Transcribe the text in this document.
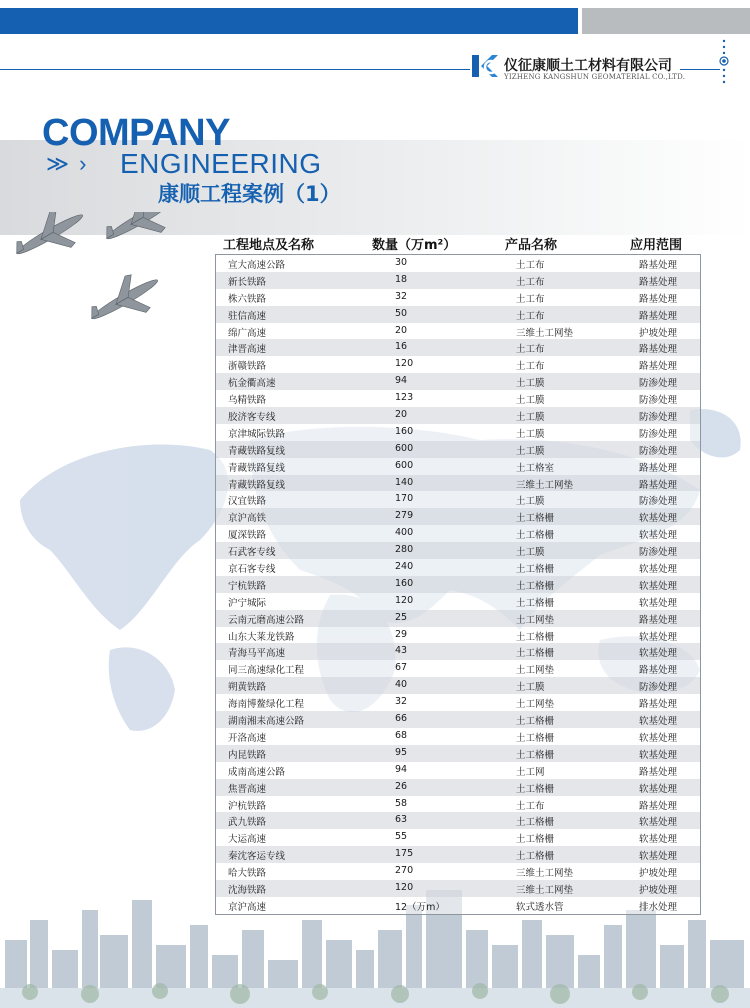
仪征康顺土工材料有限公司
YIZHENG KANGSHUN GEOMATERIAL CO.,LTD.
COMPANY
≫ › ENGINEERING
康顺工程案例（1）
工程地点及名称	数量（万m²）	产品名称	应用范围
宣大高速公路	30	土工布	路基处理
新长铁路	18	土工布	路基处理
株六铁路	32	土工布	路基处理
驻信高速	50	土工布	路基处理
绵广高速	20	三维土工网垫	护坡处理
津晋高速	16	土工布	路基处理
浙赣铁路	120	土工布	路基处理
杭金衢高速	94	土工膜	防渗处理
乌精铁路	123	土工膜	防渗处理
胶济客专线	20	土工膜	防渗处理
京津城际铁路	160	土工膜	防渗处理
青藏铁路复线	600	土工膜	防渗处理
青藏铁路复线	600	土工格室	路基处理
青藏铁路复线	140	三维土工网垫	路基处理
汉宜铁路	170	土工膜	防渗处理
京沪高铁	279	土工格栅	软基处理
厦深铁路	400	土工格栅	软基处理
石武客专线	280	土工膜	防渗处理
京石客专线	240	土工格栅	软基处理
宁杭铁路	160	土工格栅	软基处理
沪宁城际	120	土工格栅	软基处理
云南元磨高速公路	25	土工网垫	路基处理
山东大莱龙铁路	29	土工格栅	软基处理
青海马平高速	43	土工格栅	软基处理
同三高速绿化工程	67	土工网垫	路基处理
朔黄铁路	40	土工膜	防渗处理
海南博鳌绿化工程	32	土工网垫	路基处理
湖南湘耒高速公路	66	土工格栅	软基处理
开洛高速	68	土工格栅	软基处理
内昆铁路	95	土工格栅	软基处理
成南高速公路	94	土工网	路基处理
焦晋高速	26	土工格栅	软基处理
沪杭铁路	58	土工布	路基处理
武九铁路	63	土工格栅	软基处理
大运高速	55	土工格栅	软基处理
秦沈客运专线	175	土工格栅	软基处理
哈大铁路	270	三维土工网垫	护坡处理
沈海铁路	120	三维土工网垫	护坡处理
京沪高速	12（万m）	软式透水管	排水处理
